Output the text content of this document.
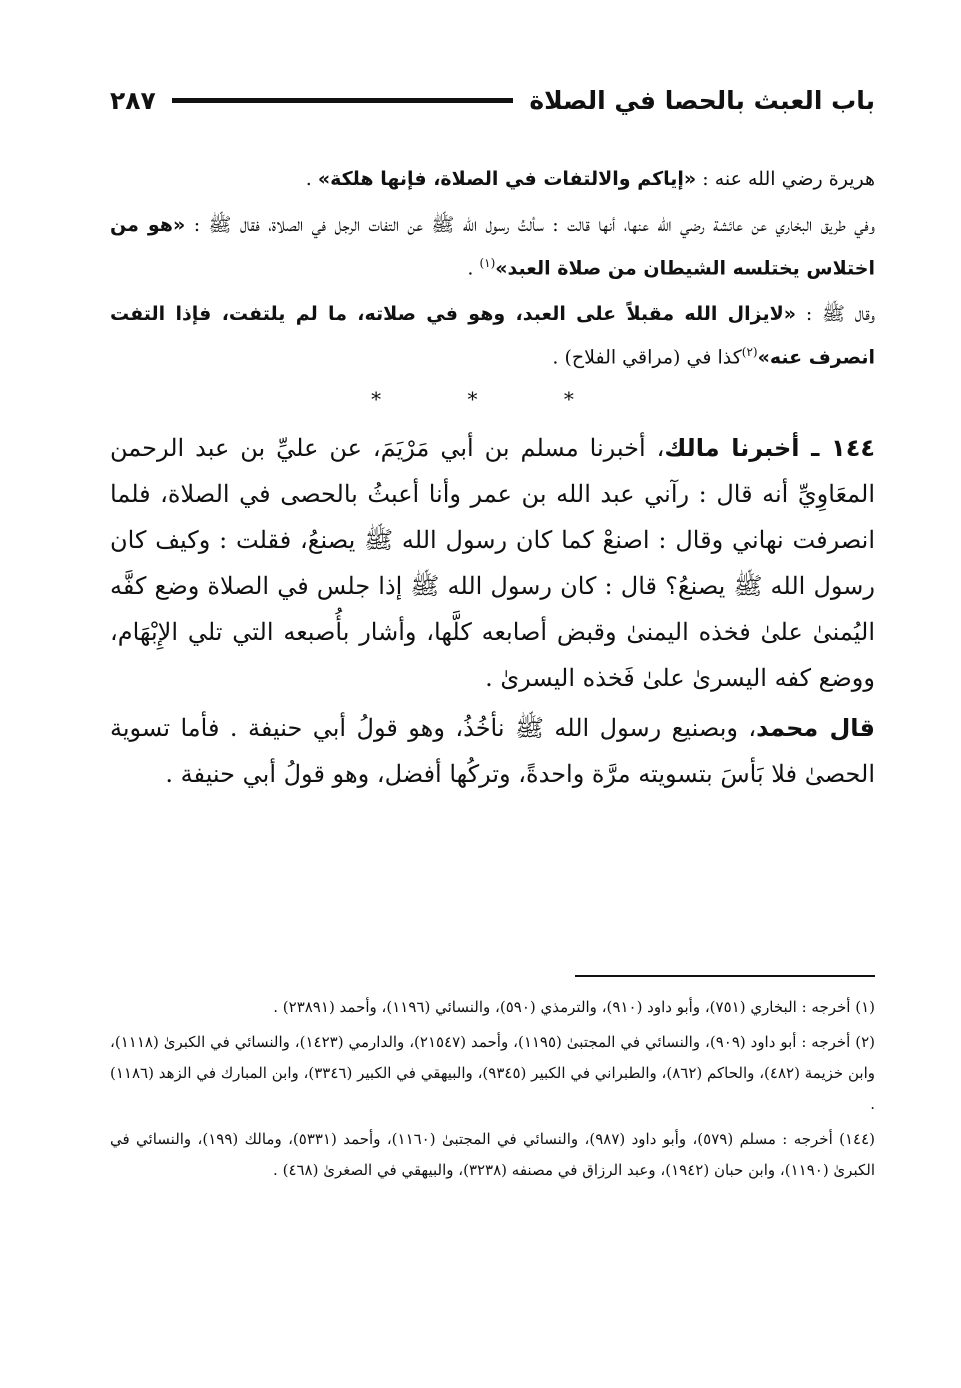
باب العبث بالحصا في الصلاة
٢٨٧

هريرة رضي الله عنه : «إياكم والالتفات في الصلاة، فإنها هلكة» .

وفي طريق البخاري عن عائشة رضي الله عنها، أنها قالت : سألتُ رسول الله ﷺ عن التفات الرجل في الصلاة، فقال ﷺ : «هو من اختلاس يختلسه الشيطان من صلاة العبد»$^{(١)}$ .

وقال ﷺ : «لايزال الله مقبلاً على العبد، وهو في صلاته، ما لم يلتفت، فإذا التفت انصرف عنه»$^{(٢)}$كذا في (مراقي الفلاح) .

* * *

١٤٤ ـ أخبرنا مالك، أخبرنا مسلم بن أبي مَرْيَمَ، عن عليِّ بن عبد الرحمن المعَاوِيِّ أنه قال : رآني عبد الله بن عمر وأنا أعبثُ بالحصى في الصلاة، فلما انصرفت نهاني وقال : اصنعْ كما كان رسول الله ﷺ يصنعُ، فقلت : وكيف كان رسول الله ﷺ يصنعُ؟ قال : كان رسول الله ﷺ إذا جلس في الصلاة وضع كفَّه اليُمنىٰ علىٰ فخذه اليمنىٰ وقبض أصابعه كلَّها، وأشار بأُصبعه التي تلي الإِبْهَام، ووضع كفه اليسرىٰ علىٰ فَخذه اليسرىٰ .

قال محمد، وبصنيع رسول الله ﷺ نأخُذُ، وهو قولُ أبي حنيفة . فأما تسوية الحصىٰ فلا بَأسَ بتسويته مرَّة واحدةً، وتركُها أفضل، وهو قولُ أبي حنيفة .

(١) أخرجه : البخاري (٧٥١)، وأبو داود (٩١٠)، والترمذي (٥٩٠)، والنسائي (١١٩٦)، وأحمد (٢٣٨٩١) .

(٢) أخرجه : أبو داود (٩٠٩)، والنسائي في المجتبىٰ (١١٩٥)، وأحمد (٢١٥٤٧)، والدارمي (١٤٢٣)، والنسائي في الكبرىٰ (١١١٨)، وابن خزيمة (٤٨٢)، والحاكم (٨٦٢)، والطبراني في الكبير (٩٣٤٥)، والبيهقي في الكبير (٣٣٤٦)، وابن المبارك في الزهد (١١٨٦) .

(١٤٤) أخرجه : مسلم (٥٧٩)، وأبو داود (٩٨٧)، والنسائي في المجتبىٰ (١١٦٠)، وأحمد (٥٣٣١)، ومالك (١٩٩)، والنسائي في الكبرىٰ (١١٩٠)، وابن حبان (١٩٤٢)، وعبد الرزاق في مصنفه (٣٢٣٨)، والبيهقي في الصغرىٰ (٤٦٨) .
